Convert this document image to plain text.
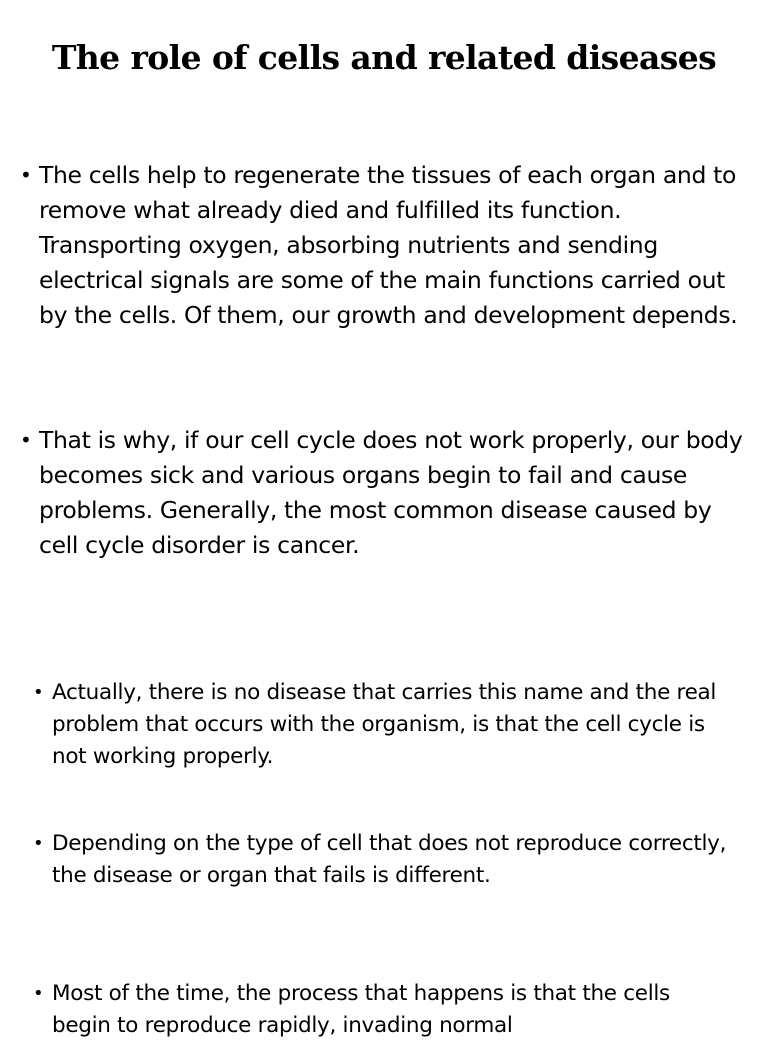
The role of cells and related diseases
• The cells help to regenerate the tissues of each organ and to remove what already died and fulfilled its function. Transporting oxygen, absorbing nutrients and sending electrical signals are some of the main functions carried out by the cells. Of them, our growth and development depends.

• That is why, if our cell cycle does not work properly, our body becomes sick and various organs begin to fail and cause problems. Generally, the most common disease caused by cell cycle disorder is cancer.

• Actually, there is no disease that carries this name and the real problem that occurs with the organism, is that the cell cycle is not working properly.

• Depending on the type of cell that does not reproduce correctly, the disease or organ that fails is different.

• Most of the time, the process that happens is that the cells begin to reproduce rapidly, invading normal
